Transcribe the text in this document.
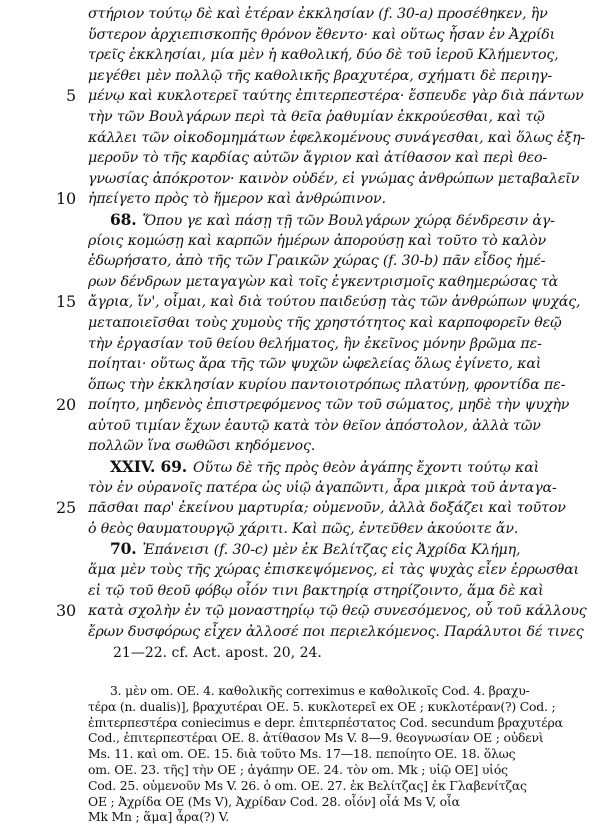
στήριον τούτῳ δὲ καὶ ἑτέραν ἐκκλησίαν (f. 30-a) προσέθηκεν, ἣν
ὕστερον ἀρχιεπισκοπῆς θρόνον ἔθεντο· καὶ οὕτως ἦσαν ἐν Ἀχρίδι
τρεῖς ἐκκλησίαι, μία μὲν ἡ καθολική, δύο δὲ τοῦ ἱεροῦ Κλήμεντος,
μεγέθει μὲν πολλῷ τῆς καθολικῆς βραχυτέρα, σχήματι δὲ περιηγ-
5 μένῳ καὶ κυκλοτερεῖ ταύτης ἐπιτερπεστέρα· ἔσπευδε γὰρ διὰ πάντων
τὴν τῶν Βουλγάρων περὶ τὰ θεῖα ῥαθυμίαν ἐκκρούεσθαι, καὶ τῷ
κάλλει τῶν οἰκοδομημάτων ἐφελκομένους συνάγεσθαι, καὶ ὅλως ἐξη-
μεροῦν τὸ τῆς καρδίας αὐτῶν ἄγριον καὶ ἀτίθασον καὶ περὶ θεο-
γνωσίας ἀπόκροτον· καινὸν οὐδέν, εἰ γνώμας ἀνθρώπων μεταβαλεῖν
10 ἠπείγετο πρὸς τὸ ἥμερον καὶ ἀνθρώπινον.
68. Ὅπου γε καὶ πάσῃ τῇ τῶν Βουλγάρων χώρᾳ δένδρεσιν ἀγ-
ρίοις κομώσῃ καὶ καρπῶν ἡμέρων ἀπορούσῃ καὶ τοῦτο τὸ καλὸν
ἐδωρήσατο, ἀπὸ τῆς τῶν Γραικῶν χώρας (f. 30-b) πᾶν εἶδος ἡμέ-
ρων δένδρων μεταγαγὼν καὶ τοῖς ἐγκεντρισμοῖς καθημερώσας τὰ
15 ἄγρια, ἵν', οἶμαι, καὶ διὰ τούτου παιδεύσῃ τὰς τῶν ἀνθρώπων ψυχάς,
μεταποιεῖσθαι τοὺς χυμοὺς τῆς χρηστότητος καὶ καρποφορεῖν θεῷ
τὴν ἐργασίαν τοῦ θείου θελήματος, ἣν ἐκεῖνος μόνην βρῶμα πε-
ποίηται· οὕτως ἄρα τῆς τῶν ψυχῶν ὠφελείας ὅλως ἐγίνετο, καὶ
ὅπως τὴν ἐκκλησίαν κυρίου παντοιοτρόπως πλατύνῃ, φροντίδα πε-
20 ποίητο, μηδενὸς ἐπιστρεφόμενος τῶν τοῦ σώματος, μηδὲ τὴν ψυχὴν
αὐτοῦ τιμίαν ἔχων ἑαυτῷ κατὰ τὸν θεῖον ἀπόστολον, ἀλλὰ τῶν
πολλῶν ἵνα σωθῶσι κηδόμενος.
XXIV. 69. Οὕτω δὲ τῆς πρὸς θεὸν ἀγάπης ἔχοντι τούτῳ καὶ
τὸν ἐν οὐρανοῖς πατέρα ὡς υἱῷ ἀγαπῶντι, ἆρα μικρὰ τοῦ ἀνταγα-
25 πᾶσθαι παρ' ἐκείνου μαρτυρία; οὐμενοῦν, ἀλλὰ δοξάζει καὶ τοῦτον
ὁ θεὸς θαυματουργῷ χάριτι. Καὶ πῶς, ἐντεῦθεν ἀκούοιτε ἄν.
70. Ἐπάνεισι (f. 30-c) μὲν ἐκ Βελίτζας εἰς Ἀχρίδα Κλήμη,
ἅμα μὲν τοὺς τῆς χώρας ἐπισκεψόμενος, εἰ τὰς ψυχὰς εἶεν ἐρρωσθαι
εἰ τῷ τοῦ θεοῦ φόβῳ οἷόν τινι βακτηρίᾳ στηρίζοιντο, ἅμα δὲ καὶ
30 κατὰ σχολὴν ἐν τῷ μοναστηρίῳ τῷ θεῷ συνεσόμενος, οὗ τοῦ κάλλους
ἔρων δυσφόρως εἶχεν ἀλλοσέ ποι περιελκόμενος. Παράλυτοι δέ τινες
21—22. cf. Act. apost. 20, 24.
3. μὲν om. OE. 4. καθολικῆς correximus e καθολικοῖς Cod. 4. βραχυ-
τέρα (n. dualis)], βραχυτέραι OE. 5. κυκλοτερεῖ ex OE ; κυκλοτέραν(?) Cod. ;
ἐπιτερπεστέρα coniecimus e depr. ἐπιτερπέστατος Cod. secundum βραχυτέρα
Cod., ἐπιτερπεστέραι OE. 8. ἀτίθασον Ms V. 8—9. θεογνωσίαν OE ; οὐδενὶ
Ms. 11. καὶ om. OE. 15. διὰ τοῦτο Ms. 17—18. πεποίητο OE. 18. ὅλως
om. OE. 23. τῆς] τὴν OE ; ἀγάπην OE. 24. τὸν om. Mk ; υἱῷ OE] υἱός
Cod. 25. οὐμενοῦν Ms V. 26. ὁ om. OE. 27. ἐκ Βελίτζας] ἐκ Γλαβενίτζας
OE ; Ἀχρίδα OE (Ms V), Ἀχρίδαν Cod. 28. οἷόν] οἷά Ms V, οἷα
Mk Mn ; ἅμα] ἆρα(?) V.
